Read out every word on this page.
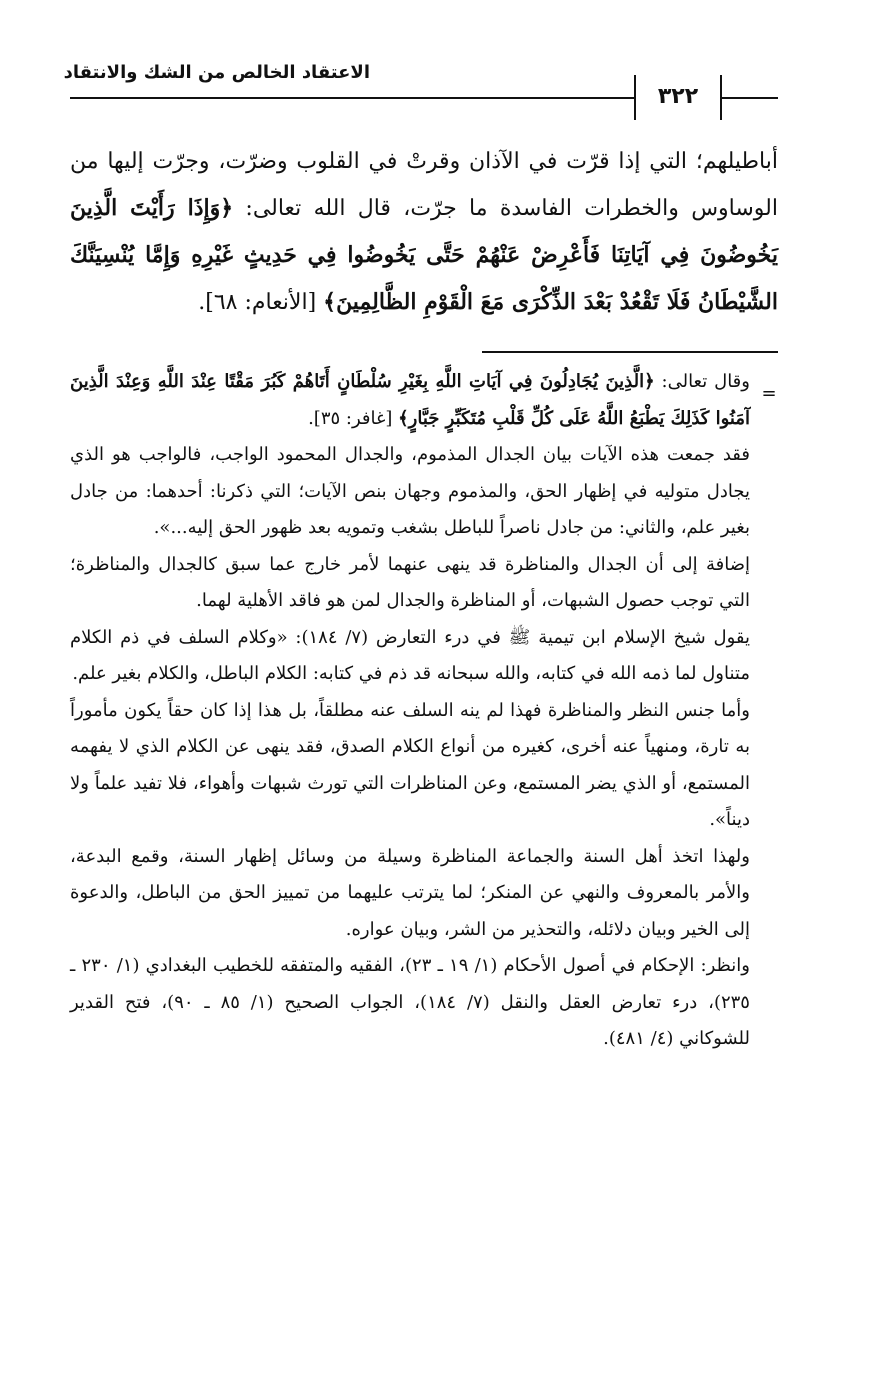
الاعتقاد الخالص من الشك والانتقاد
٣٢٢

أباطيلهم؛ التي إذا قرّت في الآذان وقرتْ في القلوب وضرّت، وجرّت إليها من الوساوس والخطرات الفاسدة ما جرّت، قال الله تعالى: ﴿وَإِذَا رَأَيْتَ الَّذِينَ يَخُوضُونَ فِي آيَاتِنَا فَأَعْرِضْ عَنْهُمْ حَتَّى يَخُوضُوا فِي حَدِيثٍ غَيْرِهِ وَإِمَّا يُنْسِيَنَّكَ الشَّيْطَانُ فَلَا تَقْعُدْ بَعْدَ الذِّكْرَى مَعَ الْقَوْمِ الظَّالِمِينَ﴾ [الأنعام: ٦٨].

=

وقال تعالى: ﴿الَّذِينَ يُجَادِلُونَ فِي آيَاتِ اللَّهِ بِغَيْرِ سُلْطَانٍ أَتَاهُمْ كَبُرَ مَقْتًا عِنْدَ اللَّهِ وَعِنْدَ الَّذِينَ آمَنُوا كَذَلِكَ يَطْبَعُ اللَّهُ عَلَى كُلِّ قَلْبِ مُتَكَبِّرٍ جَبَّارٍ﴾ [غافر: ٣٥].

فقد جمعت هذه الآيات بيان الجدال المذموم، والجدال المحمود الواجب، فالواجب هو الذي يجادل متوليه في إظهار الحق، والمذموم وجهان بنص الآيات؛ التي ذكرنا: أحدهما: من جادل بغير علم، والثاني: من جادل ناصراً للباطل بشغب وتمويه بعد ظهور الحق إليه...».

إضافة إلى أن الجدال والمناظرة قد ينهى عنهما لأمر خارج عما سبق كالجدال والمناظرة؛ التي توجب حصول الشبهات، أو المناظرة والجدال لمن هو فاقد الأهلية لهما.

يقول شيخ الإسلام ابن تيمية ﷺ في درء التعارض (٧/ ١٨٤): «وكلام السلف في ذم الكلام متناول لما ذمه الله في كتابه، والله سبحانه قد ذم في كتابه: الكلام الباطل، والكلام بغير علم.

وأما جنس النظر والمناظرة فهذا لم ينه السلف عنه مطلقاً، بل هذا إذا كان حقاً يكون مأموراً به تارة، ومنهياً عنه أخرى، كغيره من أنواع الكلام الصدق، فقد ينهى عن الكلام الذي لا يفهمه المستمع، أو الذي يضر المستمع، وعن المناظرات التي تورث شبهات وأهواء، فلا تفيد علماً ولا ديناً».

ولهذا اتخذ أهل السنة والجماعة المناظرة وسيلة من وسائل إظهار السنة، وقمع البدعة، والأمر بالمعروف والنهي عن المنكر؛ لما يترتب عليهما من تمييز الحق من الباطل، والدعوة إلى الخير وبيان دلائله، والتحذير من الشر، وبيان عواره.

وانظر: الإحكام في أصول الأحكام (١/ ١٩ ـ ٢٣)، الفقيه والمتفقه للخطيب البغدادي (١/ ٢٣٠ ـ ٢٣٥)، درء تعارض العقل والنقل (٧/ ١٨٤)، الجواب الصحيح (١/ ٨٥ ـ ٩٠)، فتح القدير للشوكاني (٤/ ٤٨١).
